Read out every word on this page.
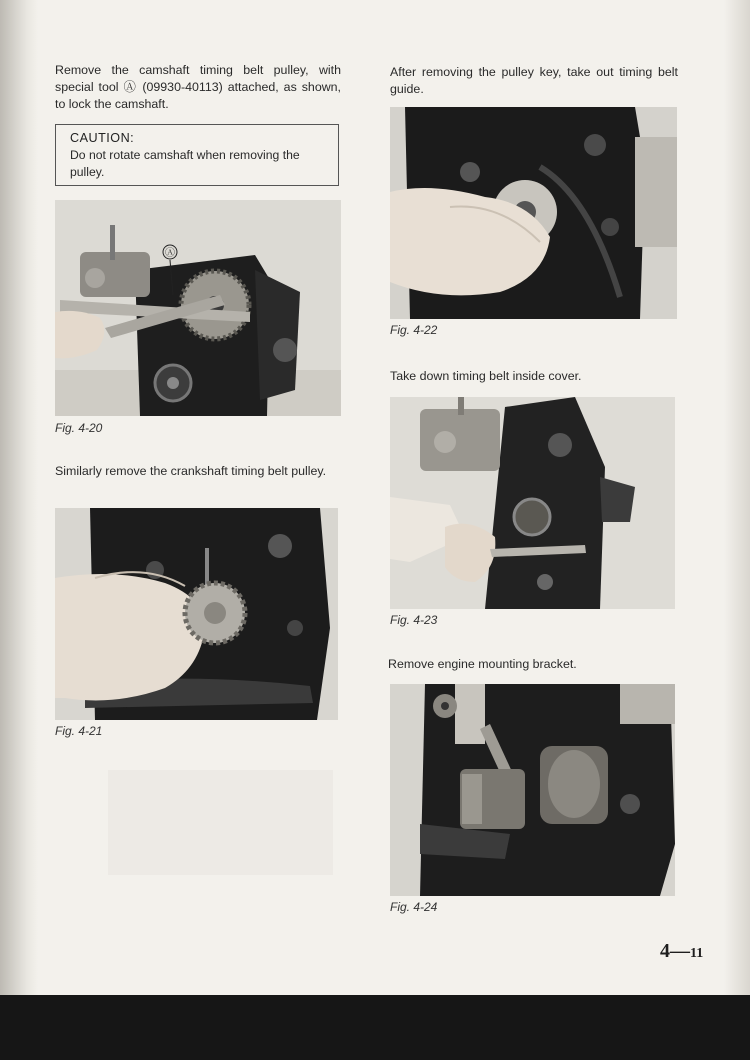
Remove the camshaft timing belt pulley, with special tool Ⓐ (09930-40113) attached, as shown, to lock the camshaft.

CAUTION:
Do not rotate camshaft when removing the pulley.
Ⓐ

Fig. 4-20

Similarly remove the crankshaft timing belt pulley.

Fig. 4-21

After removing the pulley key, take out timing belt guide.

Fig. 4-22

Take down timing belt inside cover.

Fig. 4-23

Remove engine mounting bracket.

Fig. 4-24

4—11
